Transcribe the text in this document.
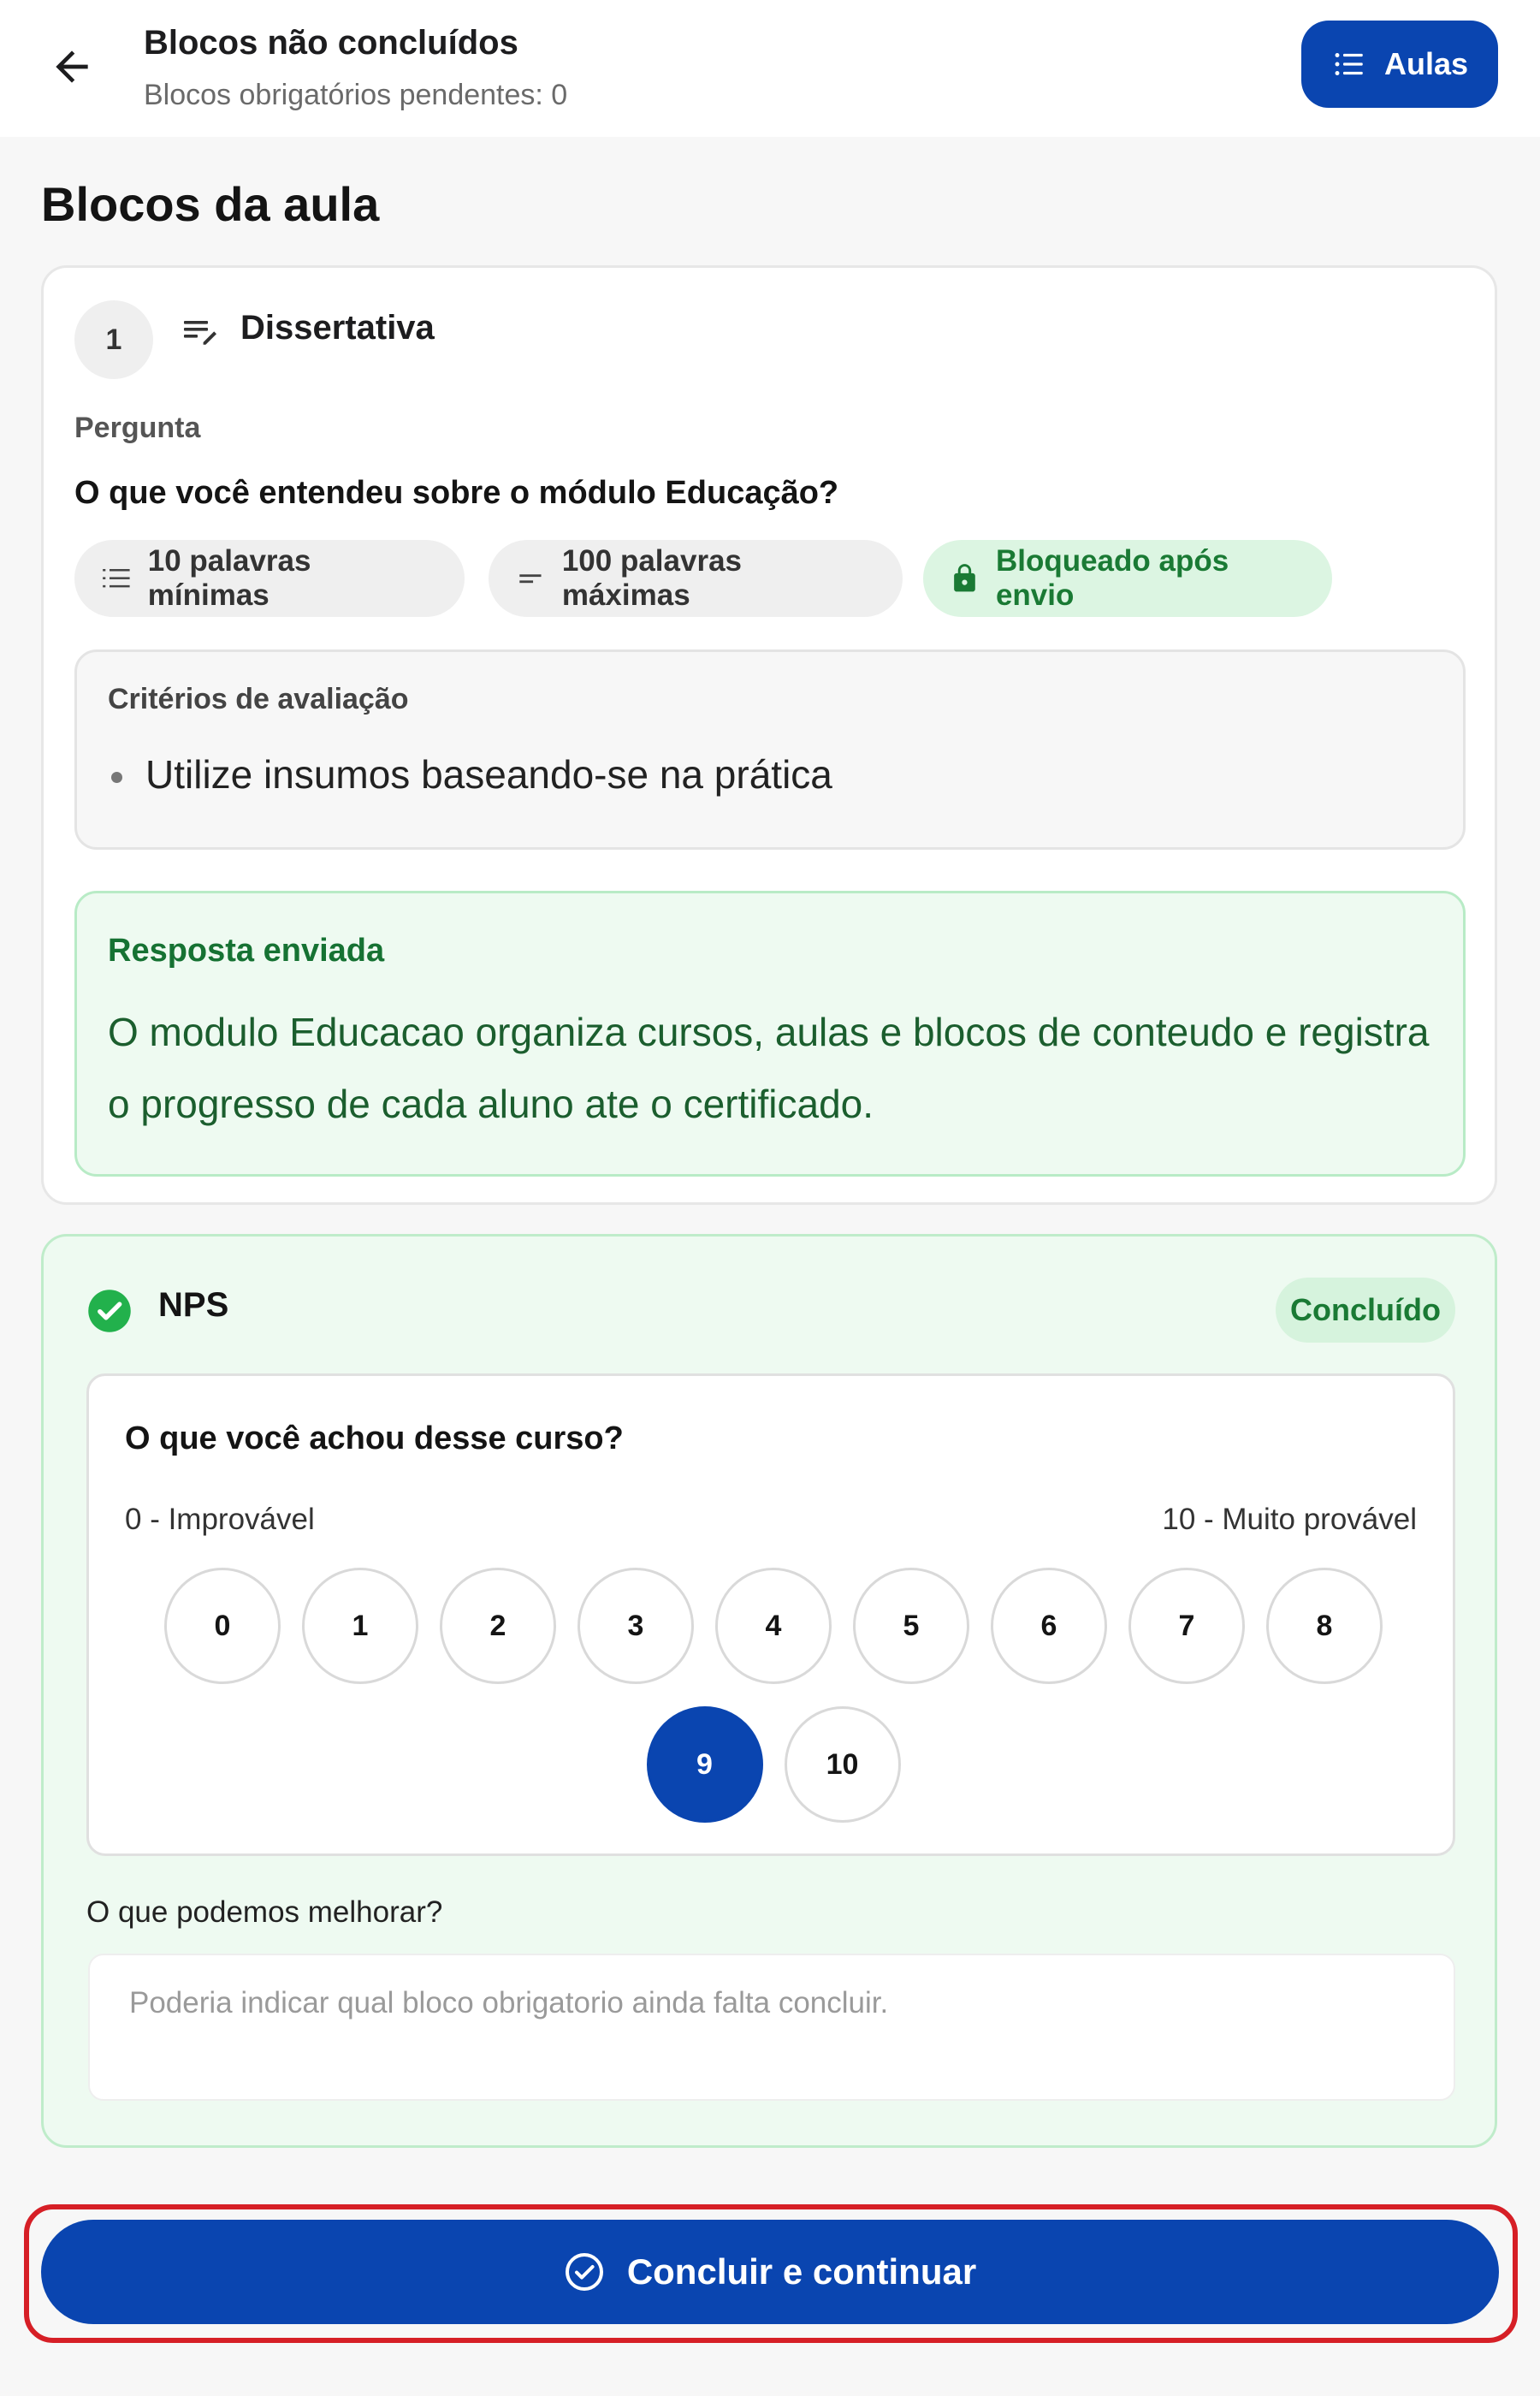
Blocos não concluídos
Blocos obrigatórios pendentes: 0
Aulas
Blocos da aula
1	Dissertativa
Pergunta
O que você entendeu sobre o módulo Educação?
10 palavras mínimas
100 palavras máximas
Bloqueado após envio
Critérios de avaliação
Utilize insumos baseando-se na prática
Resposta enviada
O modulo Educacao organiza cursos, aulas e blocos de conteudo e registra o progresso de cada aluno ate o certificado.
NPS	Concluído
O que você achou desse curso?
0 - Improvável	10 - Muito provável
0	1	2	3	4	5	6	7	8
9	10
O que podemos melhorar?
Poderia indicar qual bloco obrigatorio ainda falta concluir.
Concluir e continuar
